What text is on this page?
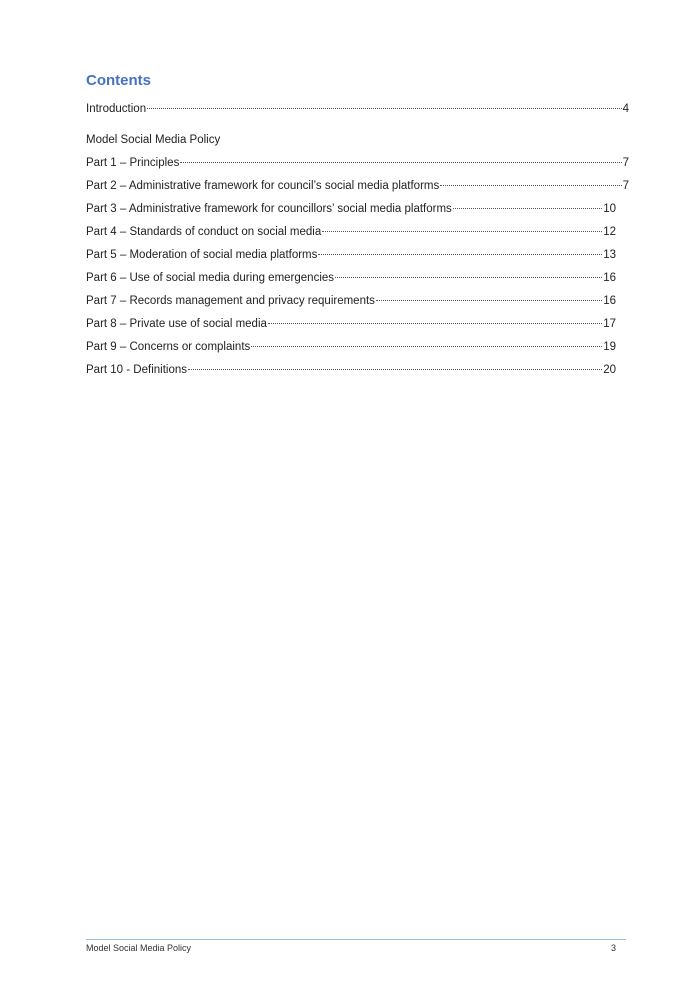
Contents
Introduction	4
Model Social Media Policy
Part 1 – Principles	7
Part 2 – Administrative framework for council’s social media platforms	7
Part 3 – Administrative framework for councillors’ social media platforms	10
Part 4 – Standards of conduct on social media	12
Part 5 – Moderation of social media platforms	13
Part 6 – Use of social media during emergencies	16
Part 7 – Records management and privacy requirements	16
Part 8 – Private use of social media	17
Part 9 – Concerns or complaints	19
Part 10 - Definitions	20
Model Social Media Policy	3
